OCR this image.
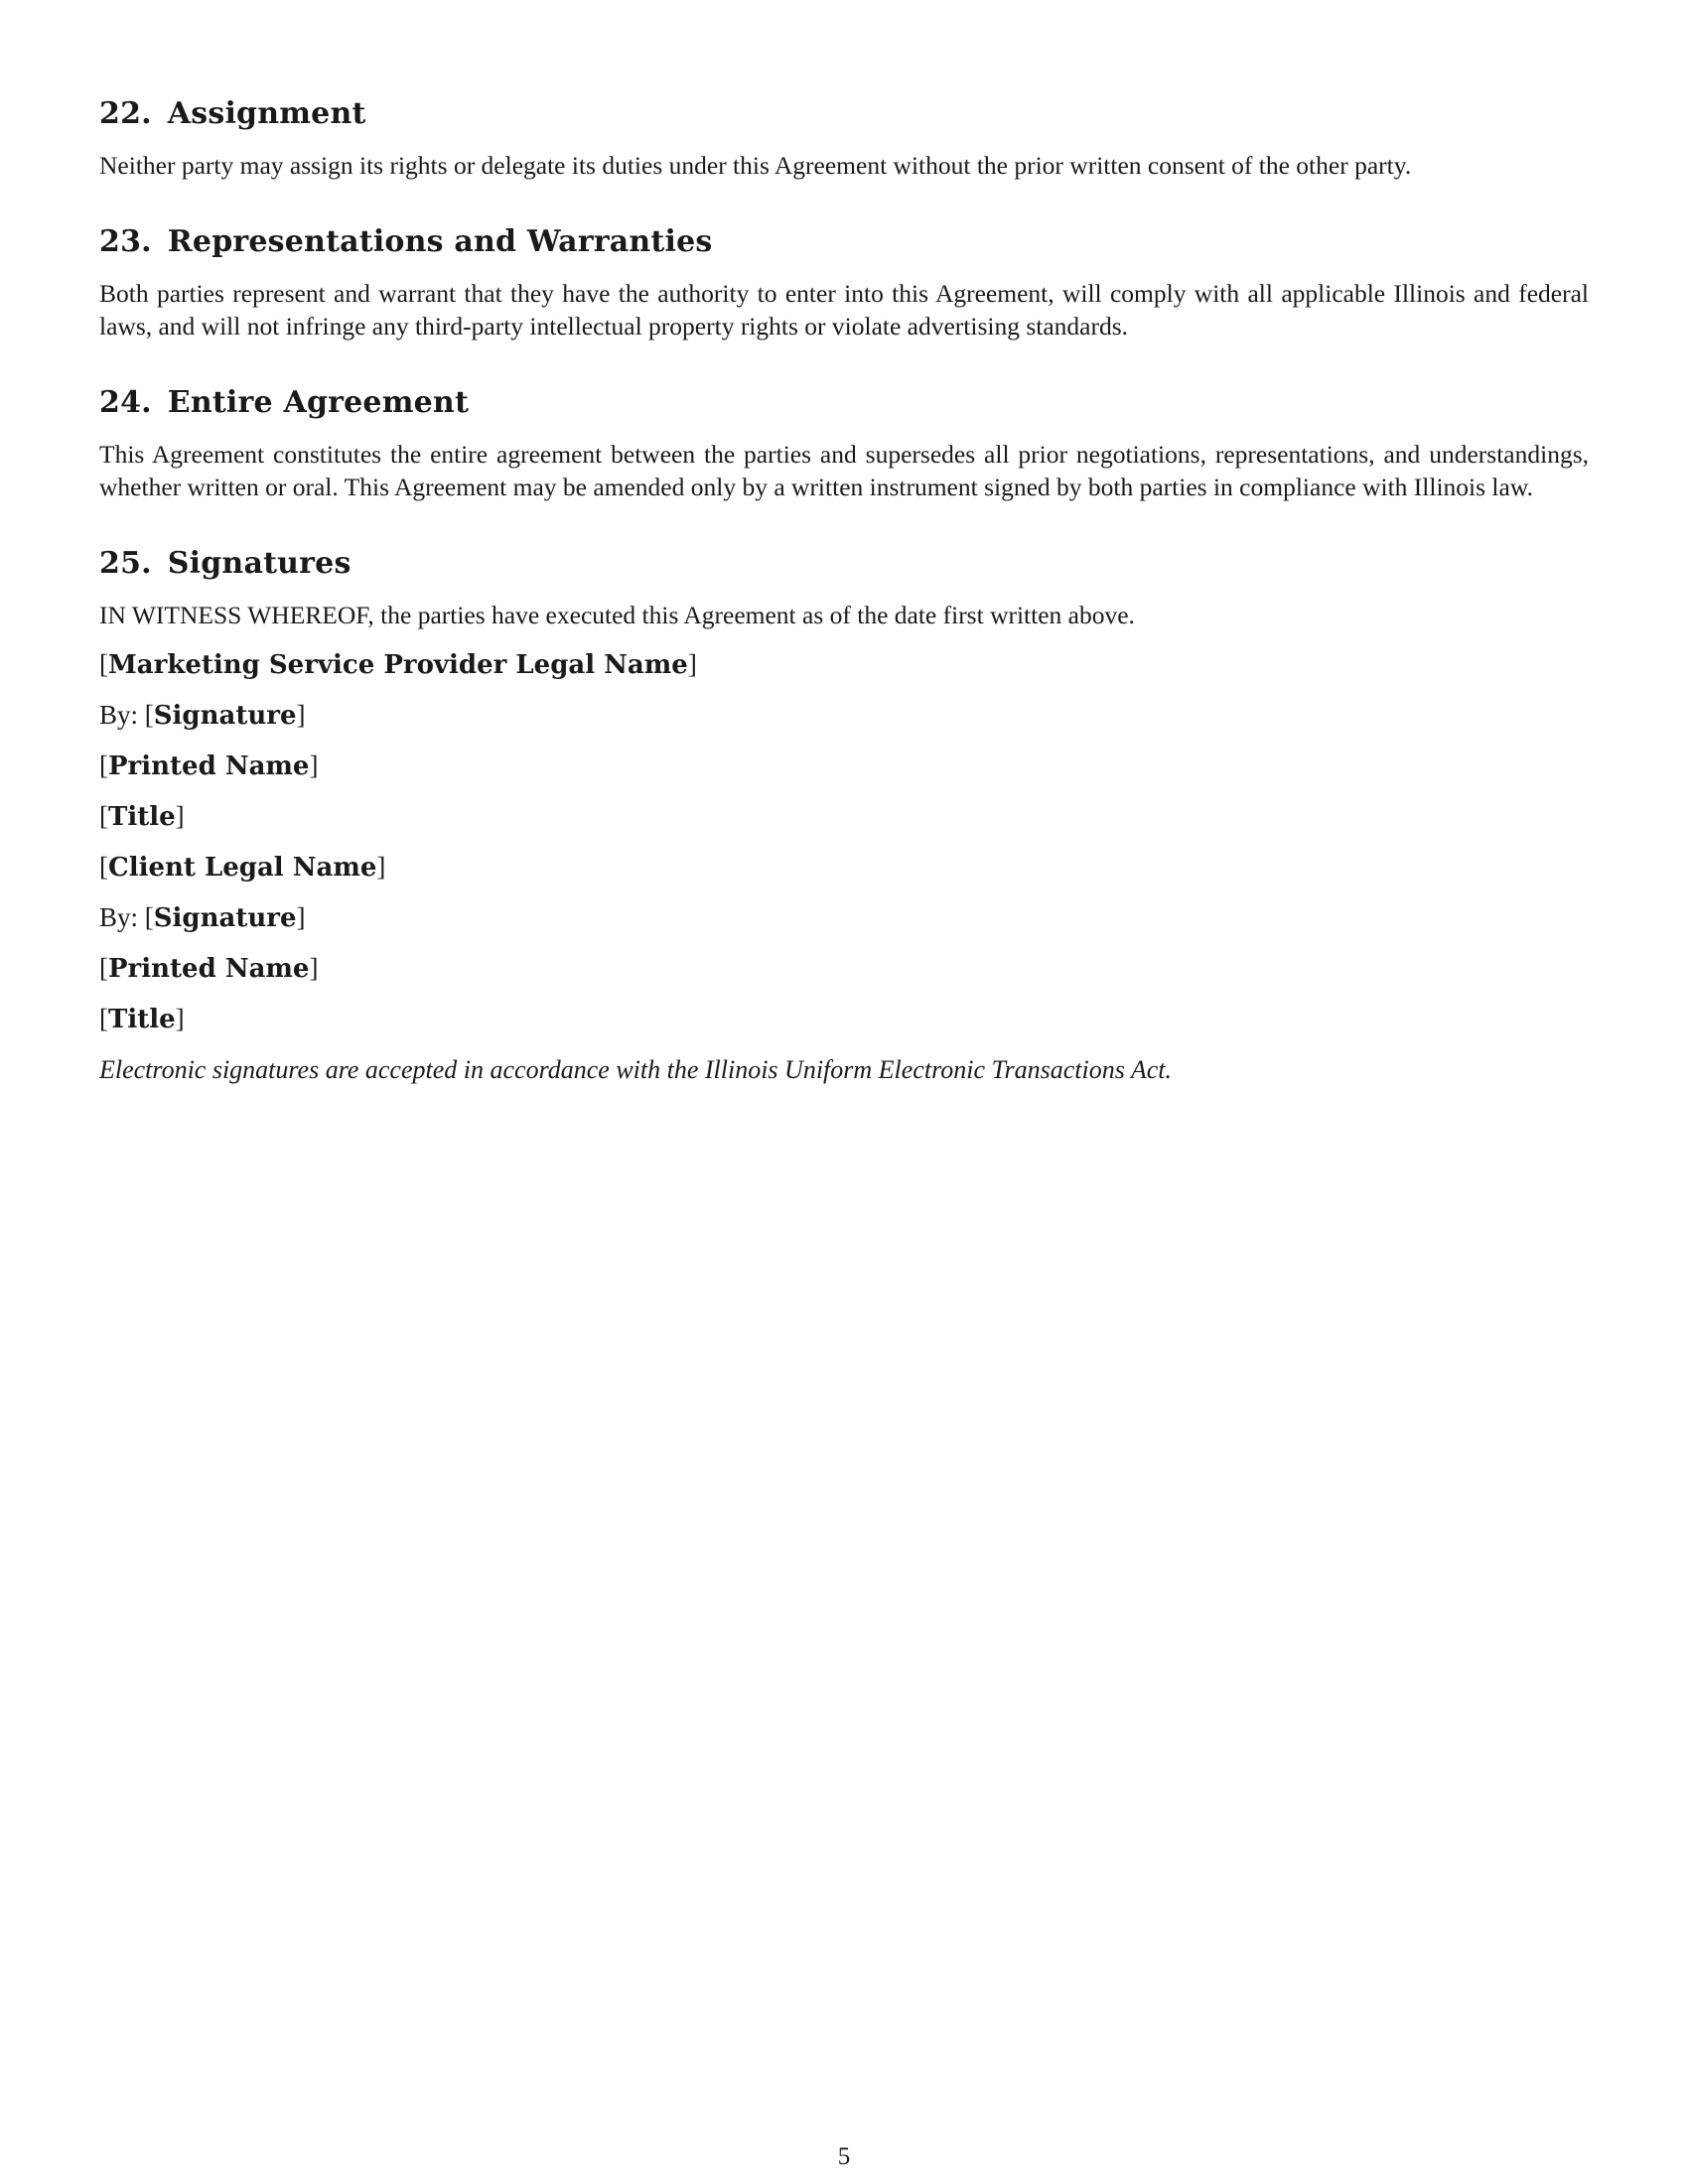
22. Assignment

Neither party may assign its rights or delegate its duties under this Agreement without the prior written consent of the other party.

23. Representations and Warranties

Both parties represent and warrant that they have the authority to enter into this Agreement, will comply with all applicable Illinois and federal laws, and will not infringe any third-party intellectual property rights or violate advertising standards.

24. Entire Agreement

This Agreement constitutes the entire agreement between the parties and supersedes all prior negotiations, representations, and understandings, whether written or oral. This Agreement may be amended only by a written instrument signed by both parties in compliance with Illinois law.

25. Signatures

IN WITNESS WHEREOF, the parties have executed this Agreement as of the date first written above.

[Marketing Service Provider Legal Name]

By: [Signature]

[Printed Name]

[Title]

[Client Legal Name]

By: [Signature]

[Printed Name]

[Title]

Electronic signatures are accepted in accordance with the Illinois Uniform Electronic Transactions Act.

5
